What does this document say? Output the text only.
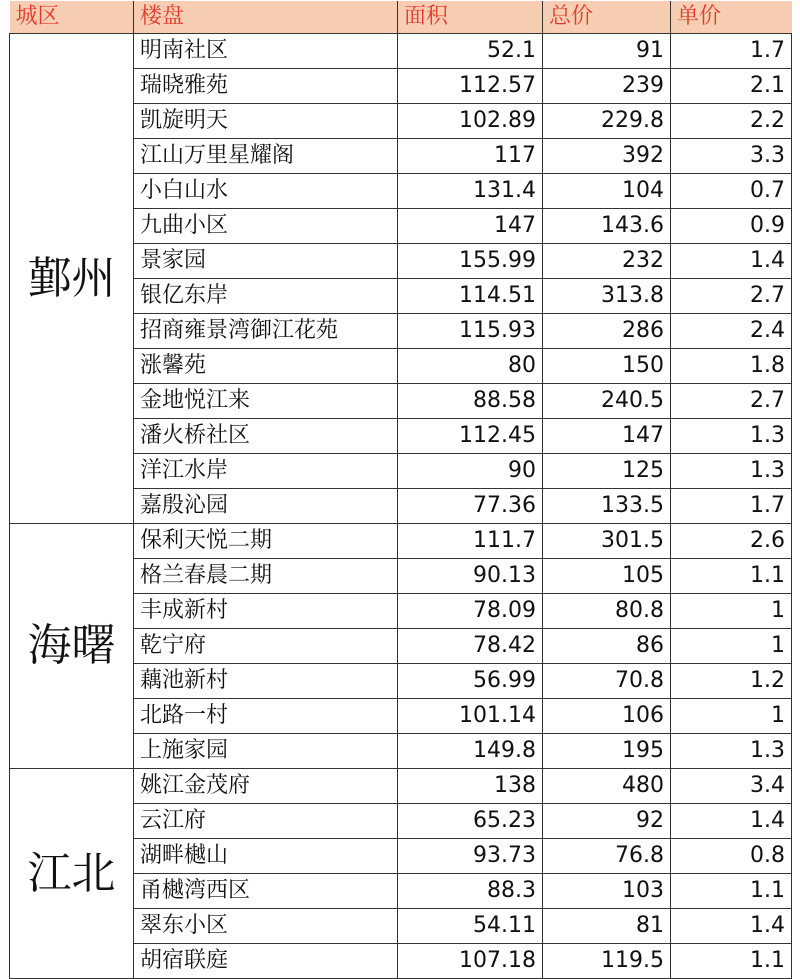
城区	楼盘	面积	总价	单价
鄞州	明南社区	52.1	91	1.7
	瑞晓雅苑	112.57	239	2.1
	凯旋明天	102.89	229.8	2.2
	江山万里星耀阁	117	392	3.3
	小白山水	131.4	104	0.7
	九曲小区	147	143.6	0.9
	景家园	155.99	232	1.4
	银亿东岸	114.51	313.8	2.7
	招商雍景湾御江花苑	115.93	286	2.4
	涨馨苑	80	150	1.8
	金地悦江来	88.58	240.5	2.7
	潘火桥社区	112.45	147	1.3
	洋江水岸	90	125	1.3
	嘉殷沁园	77.36	133.5	1.7
海曙	保利天悦二期	111.7	301.5	2.6
	格兰春晨二期	90.13	105	1.1
	丰成新村	78.09	80.8	1
	乾宁府	78.42	86	1
	藕池新村	56.99	70.8	1.2
	北路一村	101.14	106	1
	上施家园	149.8	195	1.3
江北	姚江金茂府	138	480	3.4
	云江府	65.23	92	1.4
	湖畔樾山	93.73	76.8	0.8
	甬樾湾西区	88.3	103	1.1
	翠东小区	54.11	81	1.4
	胡宿联庭	107.18	119.5	1.1
